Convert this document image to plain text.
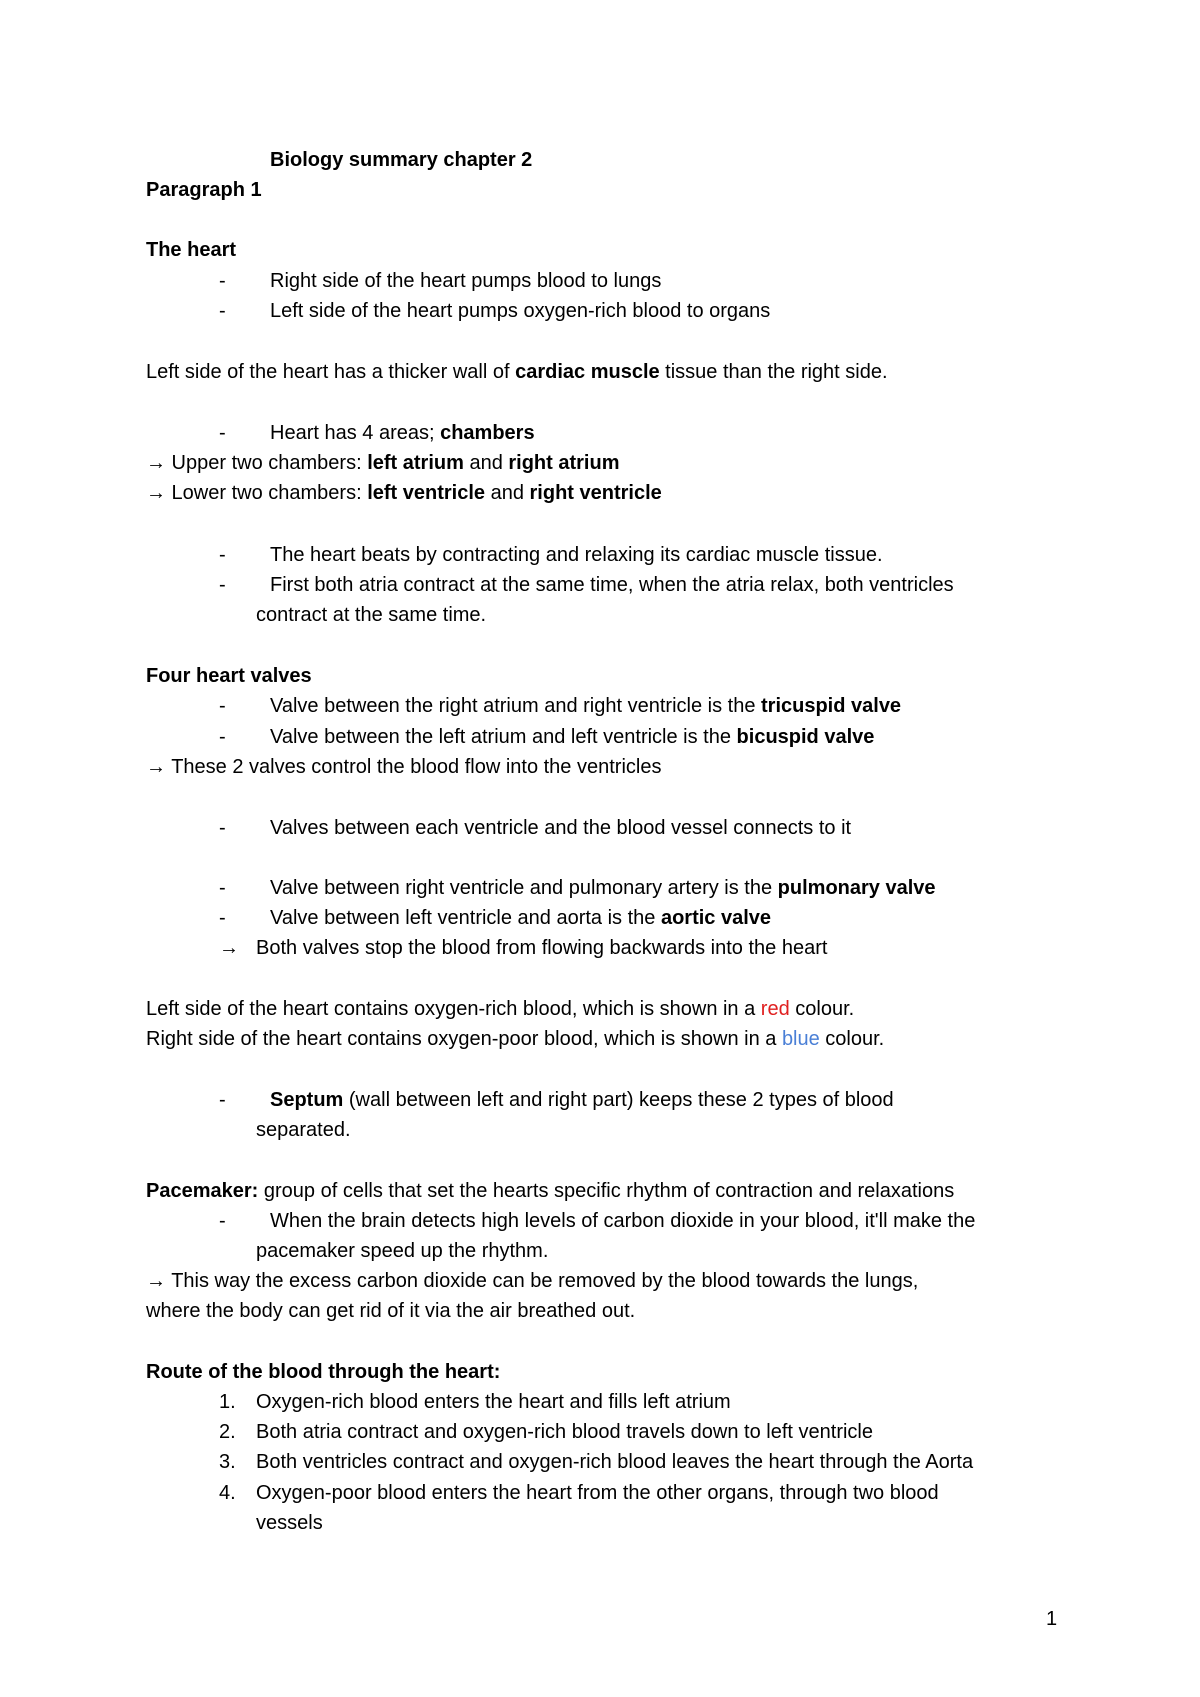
Biology summary chapter 2
Paragraph 1
The heart
- Right side of the heart pumps blood to lungs
- Left side of the heart pumps oxygen-rich blood to organs
Left side of the heart has a thicker wall of cardiac muscle tissue than the right side.
- Heart has 4 areas; chambers
→ Upper two chambers: left atrium and right atrium
→ Lower two chambers: left ventricle and right ventricle
- The heart beats by contracting and relaxing its cardiac muscle tissue.
- First both atria contract at the same time, when the atria relax, both ventricles
contract at the same time.
Four heart valves
- Valve between the right atrium and right ventricle is the tricuspid valve
- Valve between the left atrium and left ventricle is the bicuspid valve
→ These 2 valves control the blood flow into the ventricles
- Valves between each ventricle and the blood vessel connects to it
- Valve between right ventricle and pulmonary artery is the pulmonary valve
- Valve between left ventricle and aorta is the aortic valve
→ Both valves stop the blood from flowing backwards into the heart
Left side of the heart contains oxygen-rich blood, which is shown in a red colour.
Right side of the heart contains oxygen-poor blood, which is shown in a blue colour.
- Septum (wall between left and right part) keeps these 2 types of blood
separated.
Pacemaker: group of cells that set the hearts specific rhythm of contraction and relaxations
- When the brain detects high levels of carbon dioxide in your blood, it'll make the
pacemaker speed up the rhythm.
→ This way the excess carbon dioxide can be removed by the blood towards the lungs,
where the body can get rid of it via the air breathed out.
Route of the blood through the heart:
1. Oxygen-rich blood enters the heart and fills left atrium
2. Both atria contract and oxygen-rich blood travels down to left ventricle
3. Both ventricles contract and oxygen-rich blood leaves the heart through the Aorta
4. Oxygen-poor blood enters the heart from the other organs, through two blood
vessels
1
